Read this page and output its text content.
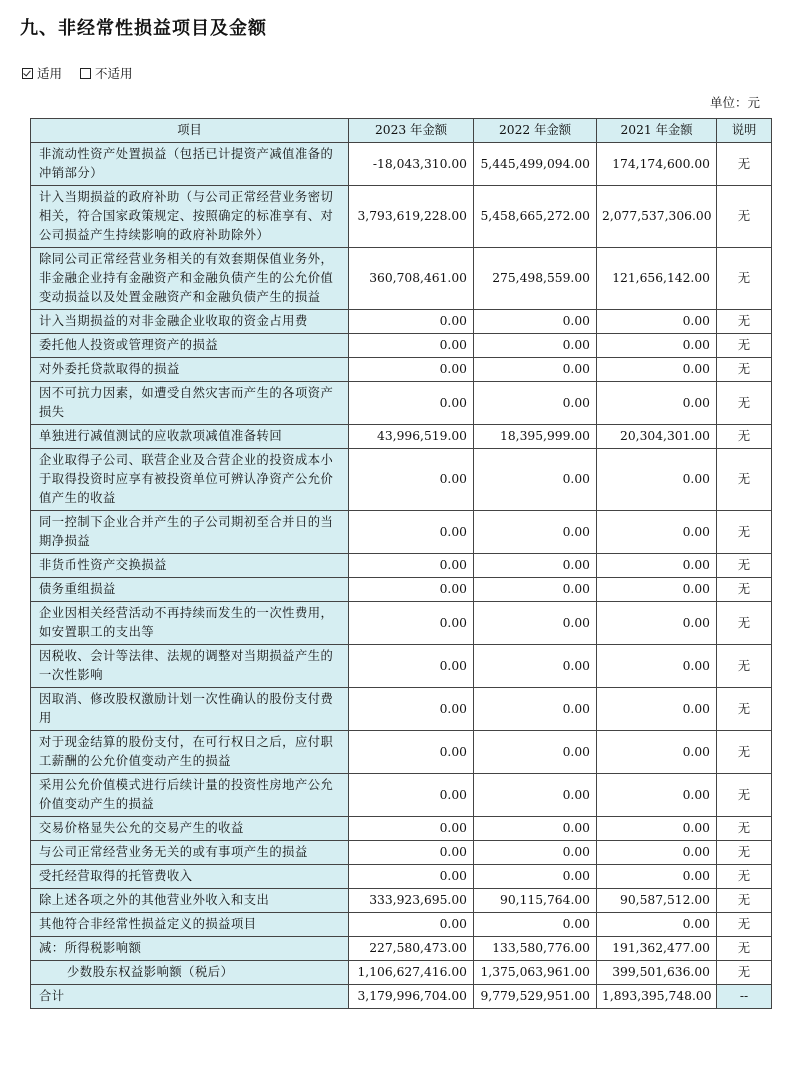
九、非经常性损益项目及金额
适用	不适用
单位：元
项目	2023 年金额	2022 年金额	2021 年金额	说明
非流动性资产处置损益（包括已计提资产减值准备的冲销部分）	-18,043,310.00	5,445,499,094.00	174,174,600.00	无
计入当期损益的政府补助（与公司正常经营业务密切相关，符合国家政策规定、按照确定的标准享有、对公司损益产生持续影响的政府补助除外）	3,793,619,228.00	5,458,665,272.00	2,077,537,306.00	无
除同公司正常经营业务相关的有效套期保值业务外，非金融企业持有金融资产和金融负债产生的公允价值变动损益以及处置金融资产和金融负债产生的损益	360,708,461.00	275,498,559.00	121,656,142.00	无
计入当期损益的对非金融企业收取的资金占用费	0.00	0.00	0.00	无
委托他人投资或管理资产的损益	0.00	0.00	0.00	无
对外委托贷款取得的损益	0.00	0.00	0.00	无
因不可抗力因素，如遭受自然灾害而产生的各项资产损失	0.00	0.00	0.00	无
单独进行减值测试的应收款项减值准备转回	43,996,519.00	18,395,999.00	20,304,301.00	无
企业取得子公司、联营企业及合营企业的投资成本小于取得投资时应享有被投资单位可辨认净资产公允价值产生的收益	0.00	0.00	0.00	无
同一控制下企业合并产生的子公司期初至合并日的当期净损益	0.00	0.00	0.00	无
非货币性资产交换损益	0.00	0.00	0.00	无
债务重组损益	0.00	0.00	0.00	无
企业因相关经营活动不再持续而发生的一次性费用，如安置职工的支出等	0.00	0.00	0.00	无
因税收、会计等法律、法规的调整对当期损益产生的一次性影响	0.00	0.00	0.00	无
因取消、修改股权激励计划一次性确认的股份支付费用	0.00	0.00	0.00	无
对于现金结算的股份支付，在可行权日之后，应付职工薪酬的公允价值变动产生的损益	0.00	0.00	0.00	无
采用公允价值模式进行后续计量的投资性房地产公允价值变动产生的损益	0.00	0.00	0.00	无
交易价格显失公允的交易产生的收益	0.00	0.00	0.00	无
与公司正常经营业务无关的或有事项产生的损益	0.00	0.00	0.00	无
受托经营取得的托管费收入	0.00	0.00	0.00	无
除上述各项之外的其他营业外收入和支出	333,923,695.00	90,115,764.00	90,587,512.00	无
其他符合非经常性损益定义的损益项目	0.00	0.00	0.00	无
减：所得税影响额	227,580,473.00	133,580,776.00	191,362,477.00	无
少数股东权益影响额（税后）	1,106,627,416.00	1,375,063,961.00	399,501,636.00	无
合计	3,179,996,704.00	9,779,529,951.00	1,893,395,748.00	--
